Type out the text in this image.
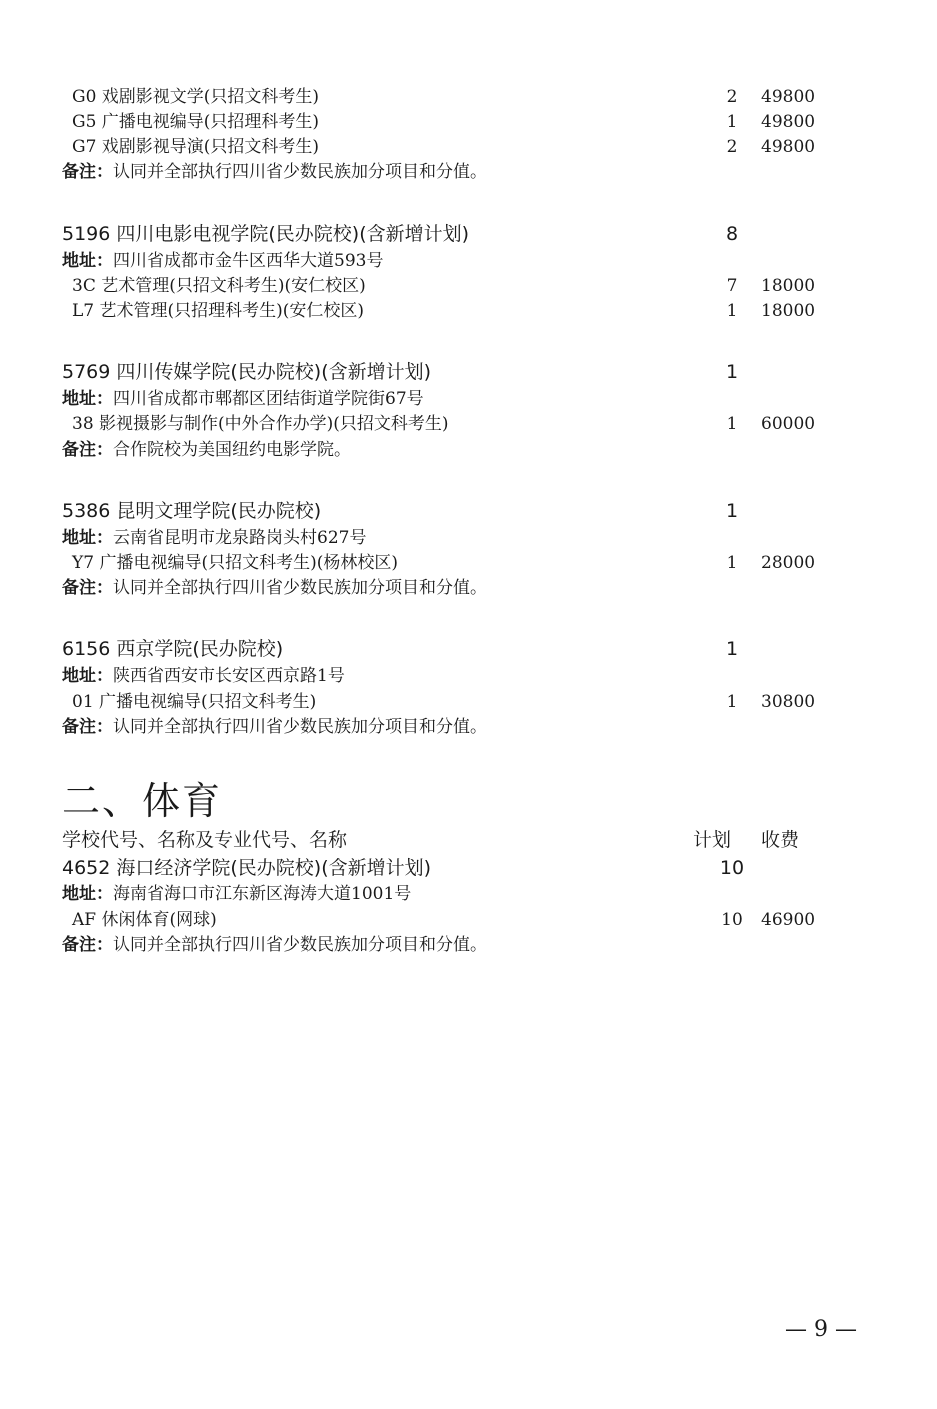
G0 戏剧影视文学(只招文科考生)	2	49800
G5 广播电视编导(只招理科考生)	1	49800
G7 戏剧影视导演(只招文科考生)	2	49800
备注：认同并全部执行四川省少数民族加分项目和分值。
5196 四川电影电视学院(民办院校)(含新增计划)	8
地址：四川省成都市金牛区西华大道593号
3C 艺术管理(只招文科考生)(安仁校区)	7	18000
L7 艺术管理(只招理科考生)(安仁校区)	1	18000
5769 四川传媒学院(民办院校)(含新增计划)	1
地址：四川省成都市郫都区团结街道学院街67号
38 影视摄影与制作(中外合作办学)(只招文科考生)	1	60000
备注：合作院校为美国纽约电影学院。
5386 昆明文理学院(民办院校)	1
地址：云南省昆明市龙泉路岗头村627号
Y7 广播电视编导(只招文科考生)(杨林校区)	1	28000
备注：认同并全部执行四川省少数民族加分项目和分值。
6156 西京学院(民办院校)	1
地址：陕西省西安市长安区西京路1号
01 广播电视编导(只招文科考生)	1	30800
备注：认同并全部执行四川省少数民族加分项目和分值。
二、体育
学校代号、名称及专业代号、名称	计划 收费
4652 海口经济学院(民办院校)(含新增计划)	10
地址：海南省海口市江东新区海涛大道1001号
AF 休闲体育(网球)	10	46900
备注：认同并全部执行四川省少数民族加分项目和分值。
— 9 —
